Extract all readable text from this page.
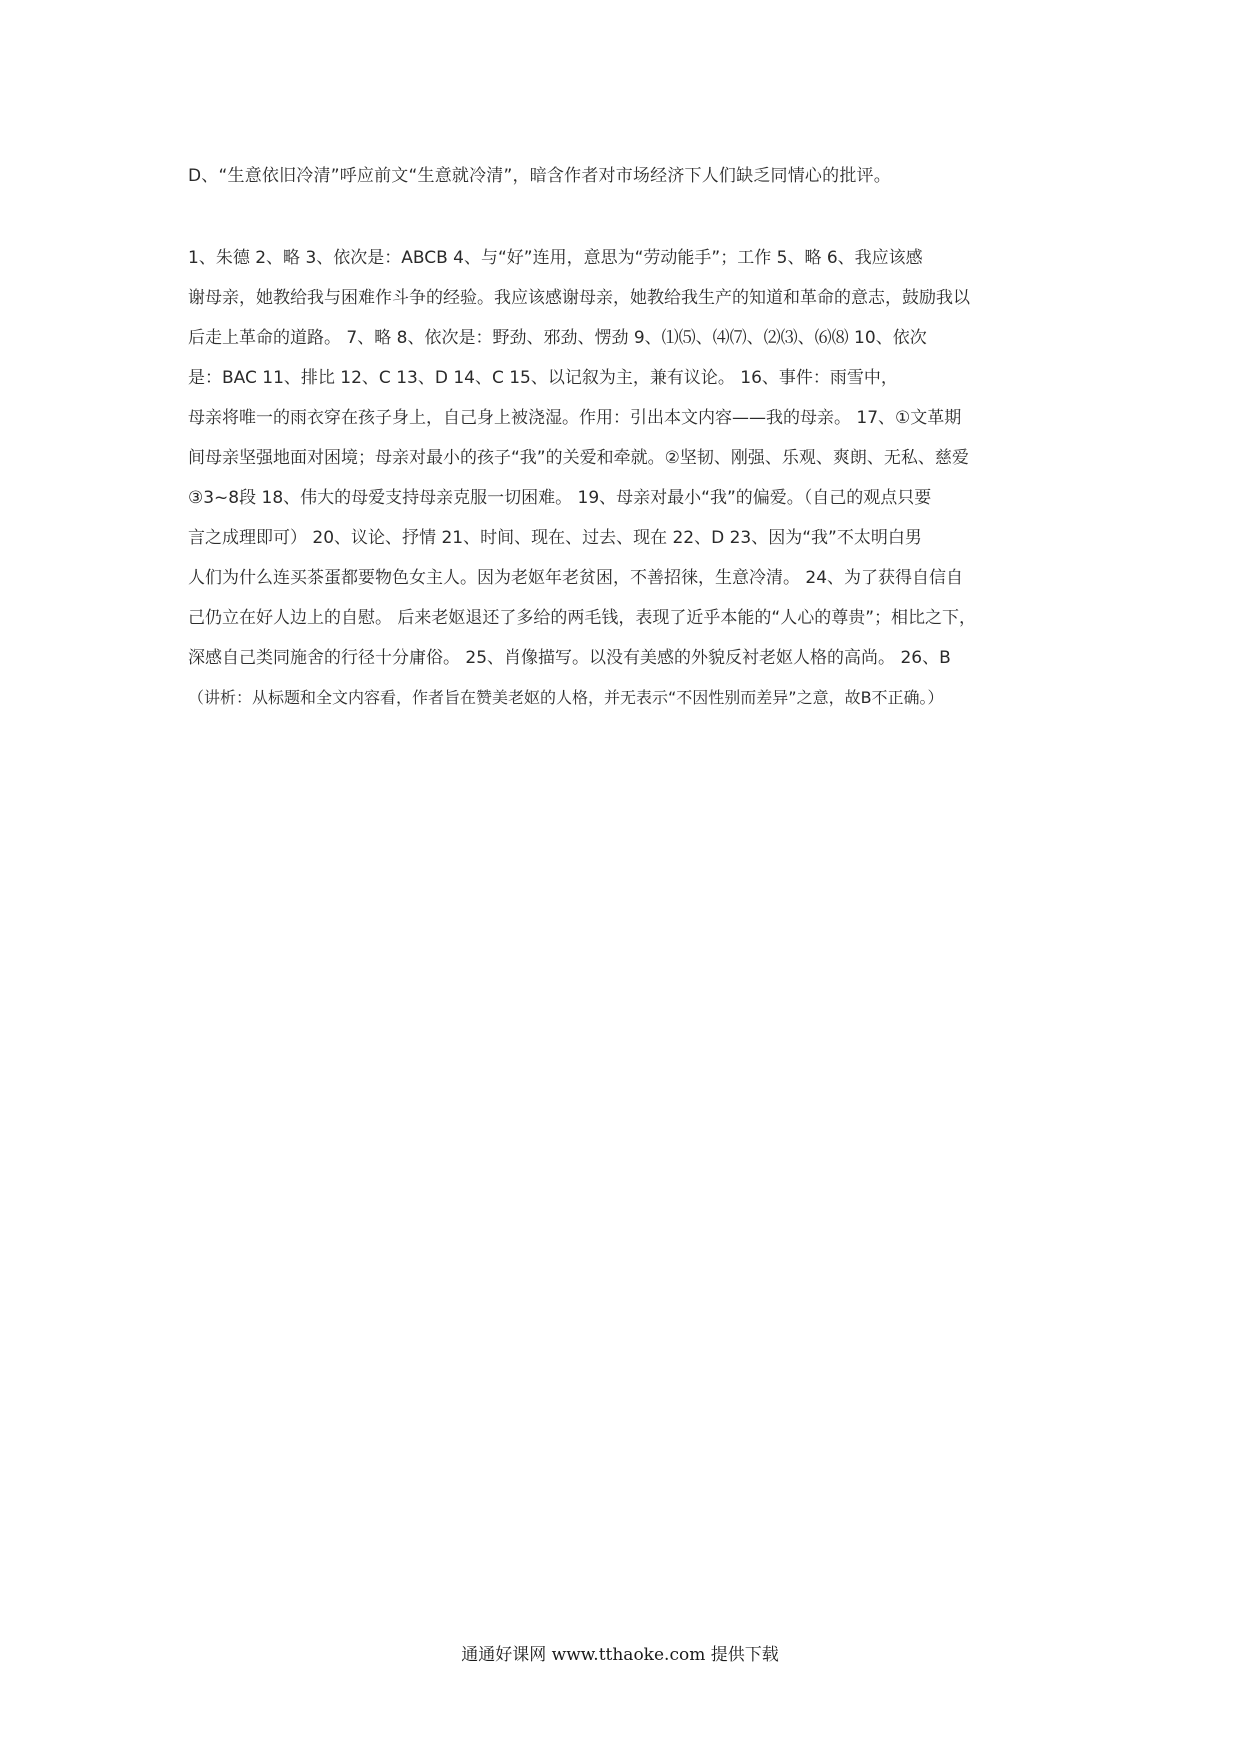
D、“生意依旧冷清”呼应前文“生意就冷清”，暗含作者对市场经济下人们缺乏同情心的批评。
1、朱德 2、略 3、依次是：ABCB 4、与“好”连用，意思为“劳动能手”；工作 5、略 6、我应该感
谢母亲，她教给我与困难作斗争的经验。我应该感谢母亲，她教给我生产的知道和革命的意志，鼓励我以
后走上革命的道路。 7、略 8、依次是：野劲、邪劲、愣劲 9、⑴⑸、⑷⑺、⑵⑶、⑹⑻ 10、依次
是：BAC 11、排比 12、C 13、D 14、C 15、以记叙为主，兼有议论。 16、事件：雨雪中，
母亲将唯一的雨衣穿在孩子身上，自己身上被浇湿。作用：引出本文内容——我的母亲。 17、①文革期
间母亲坚强地面对困境；母亲对最小的孩子“我”的关爱和牵就。②坚韧、刚强、乐观、爽朗、无私、慈爱
③3~8段 18、伟大的母爱支持母亲克服一切困难。 19、母亲对最小“我”的偏爱。（自己的观点只要
言之成理即可） 20、议论、抒情 21、时间、现在、过去、现在 22、D 23、因为“我”不太明白男
人们为什么连买茶蛋都要物色女主人。因为老妪年老贫困，不善招徕，生意冷清。 24、为了获得自信自
己仍立在好人边上的自慰。 后来老妪退还了多给的两毛钱，表现了近乎本能的“人心的尊贵”；相比之下，
深感自己类同施舍的行径十分庸俗。 25、肖像描写。以没有美感的外貌反衬老妪人格的高尚。 26、B
（讲析：从标题和全文内容看，作者旨在赞美老妪的人格，并无表示“不因性别而差异”之意，故B不正确。）
通通好课网 www.tthaoke.com 提供下载
